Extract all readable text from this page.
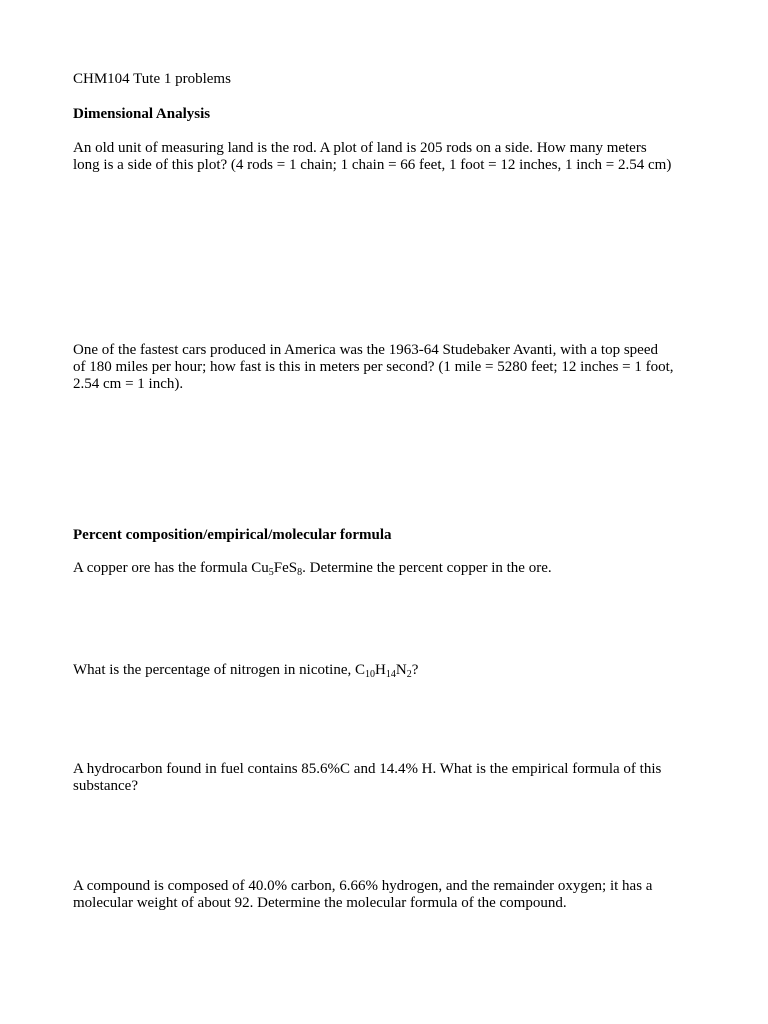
CHM104 Tute 1 problems

Dimensional Analysis

An old unit of measuring land is the rod. A plot of land is 205 rods on a side. How many meters
long is a side of this plot? (4 rods = 1 chain; 1 chain = 66 feet, 1 foot = 12 inches, 1 inch = 2.54 cm)
One of the fastest cars produced in America was the 1963-64 Studebaker Avanti, with a top speed
of 180 miles per hour; how fast is this in meters per second? (1 mile = 5280 feet; 12 inches = 1 foot,
2.54 cm = 1 inch).

Percent composition/empirical/molecular formula

A copper ore has the formula $Cu_5FeS_8$. Determine the percent copper in the ore.

What is the percentage of nitrogen in nicotine, $C_{10}H_{14}N_2$?

A hydrocarbon found in fuel contains 85.6%C and 14.4% H. What is the empirical formula of this
substance?
A compound is composed of 40.0% carbon, 6.66% hydrogen, and the remainder oxygen; it has a
molecular weight of about 92. Determine the molecular formula of the compound.
